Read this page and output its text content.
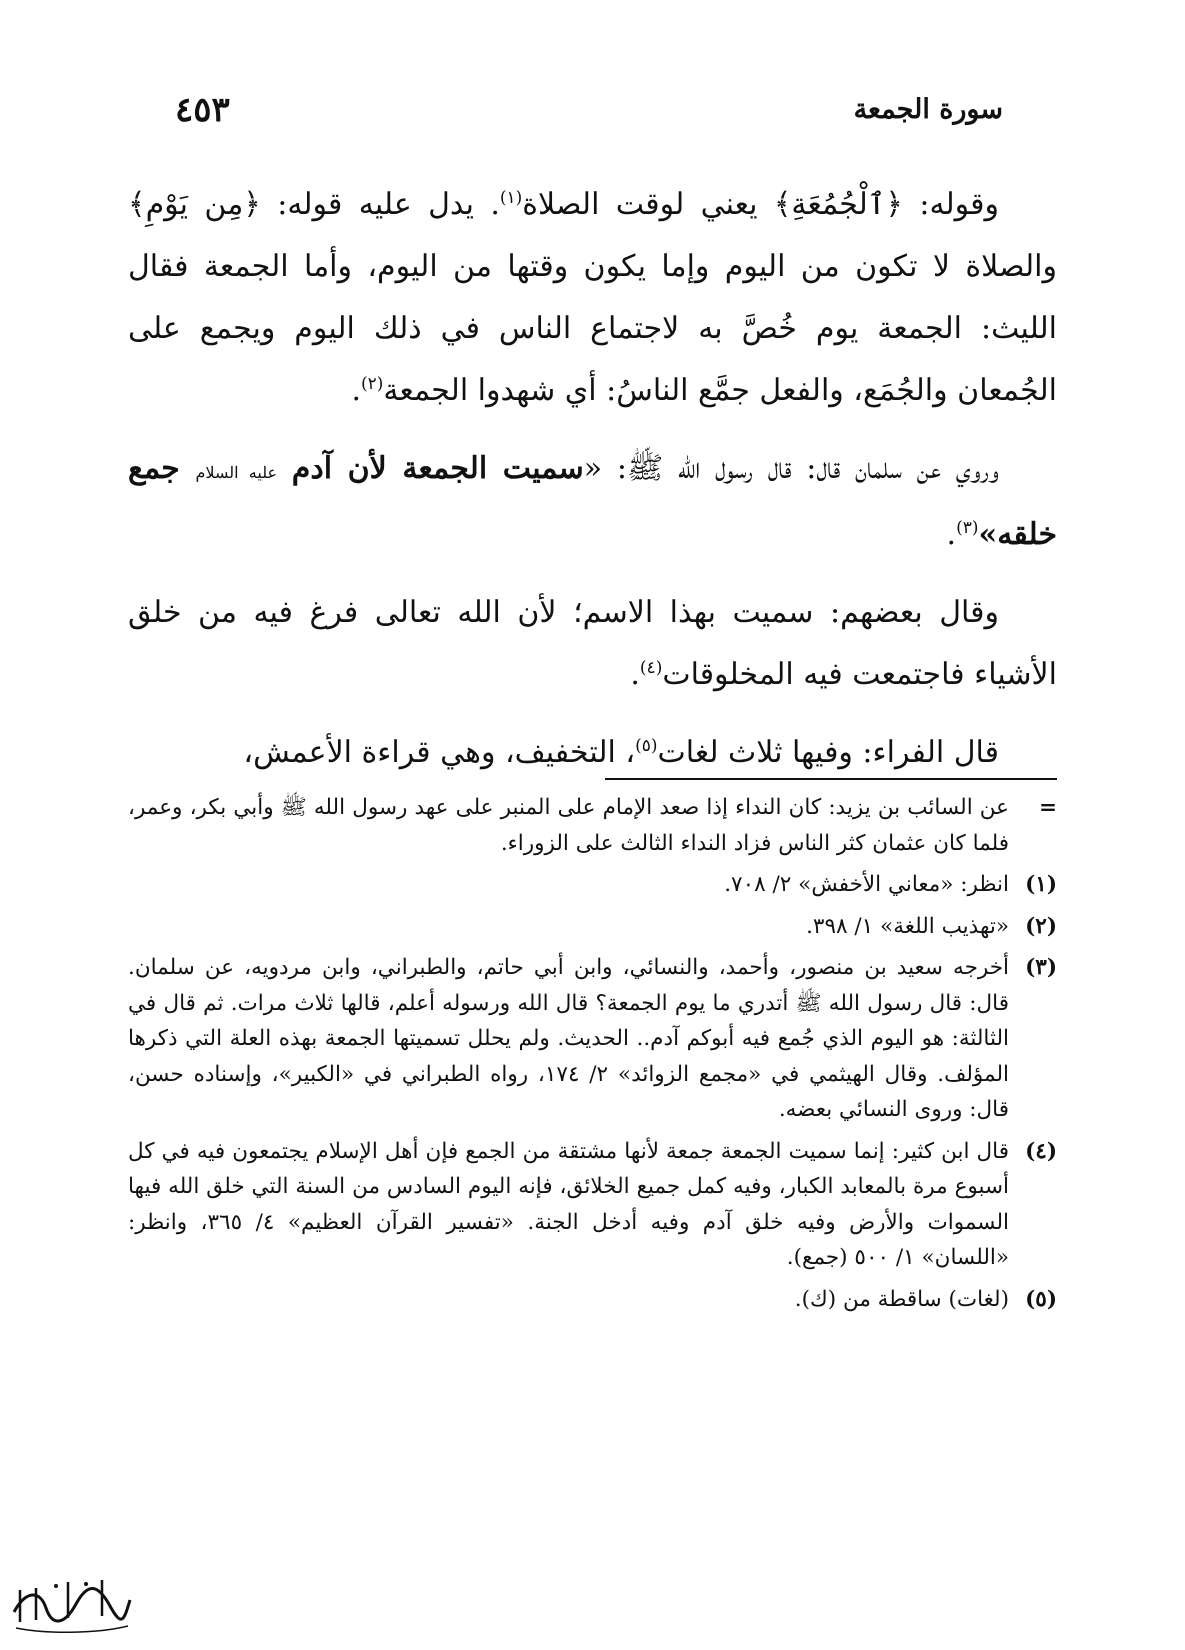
سورة الجمعة
٤٥٣

وقوله: ﴿ٱلْجُمُعَةِ﴾ يعني لوقت الصلاة$^{(١)}$. يدل عليه قوله: ﴿مِن يَوْمِ﴾ والصلاة لا تكون من اليوم وإما يكون وقتها من اليوم، وأما الجمعة فقال الليث: الجمعة يوم خُصَّ به لاجتماع الناس في ذلك اليوم ويجمع على الجُمعان والجُمَع، والفعل جمَّع الناسُ: أي شهدوا الجمعة$^{(٢)}$.

وروي عن سلمان قال: قال رسول الله ﷺ: «سميت الجمعة لأن آدم عليه السلام جمع خلقه»$^{(٣)}$.

وقال بعضهم: سميت بهذا الاسم؛ لأن الله تعالى فرغ فيه من خلق الأشياء فاجتمعت فيه المخلوقات$^{(٤)}$.

قال الفراء: وفيها ثلاث لغات$^{(٥)}$، التخفيف، وهي قراءة الأعمش،

=
عن السائب بن يزيد: كان النداء إذا صعد الإمام على المنبر على عهد رسول الله ﷺ وأبي بكر، وعمر، فلما كان عثمان كثر الناس فزاد النداء الثالث على الزوراء.
(١)
انظر: «معاني الأخفش» ٢/ ٧٠٨.
(٢)
«تهذيب اللغة» ١/ ٣٩٨.
(٣)
أخرجه سعيد بن منصور، وأحمد، والنسائي، وابن أبي حاتم، والطبراني، وابن مردويه، عن سلمان. قال: قال رسول الله ﷺ أتدري ما يوم الجمعة؟ قال الله ورسوله أعلم، قالها ثلاث مرات. ثم قال في الثالثة: هو اليوم الذي جُمع فيه أبوكم آدم.. الحديث. ولم يحلل تسميتها الجمعة بهذه العلة التي ذكرها المؤلف. وقال الهيثمي في «مجمع الزوائد» ٢/ ١٧٤، رواه الطبراني في «الكبير»، وإسناده حسن، قال: وروى النسائي بعضه.
(٤)
قال ابن كثير: إنما سميت الجمعة جمعة لأنها مشتقة من الجمع فإن أهل الإسلام يجتمعون فيه في كل أسبوع مرة بالمعابد الكبار، وفيه كمل جميع الخلائق، فإنه اليوم السادس من السنة التي خلق الله فيها السموات والأرض وفيه خلق آدم وفيه أدخل الجنة. «تفسير القرآن العظيم» ٤/ ٣٦٥، وانظر: «اللسان» ١/ ٥٠٠ (جمع).
(٥)
(لغات) ساقطة من (ك).
